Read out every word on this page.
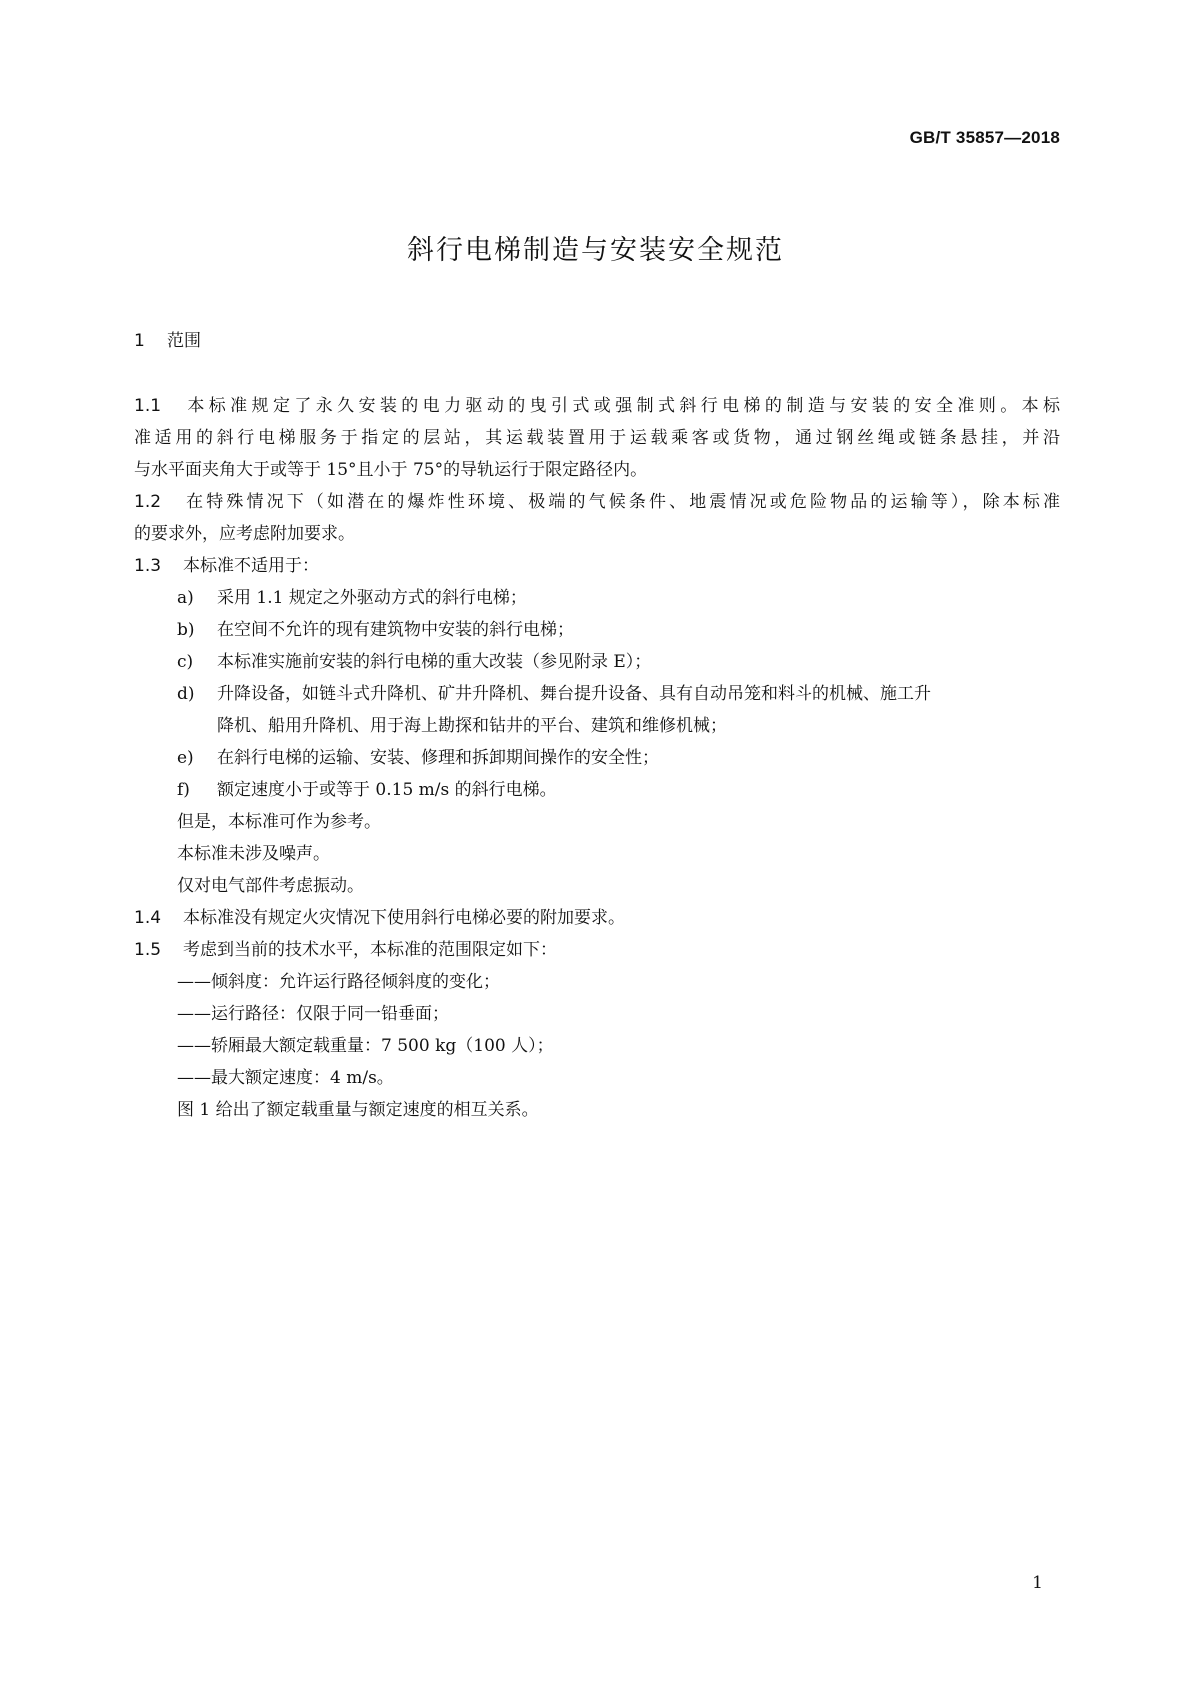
GB/T 35857—2018
斜行电梯制造与安装安全规范
1 范围
1.1 本标准规定了永久安装的电力驱动的曳引式或强制式斜行电梯的制造与安装的安全准则。本标
准适用的斜行电梯服务于指定的层站，其运载装置用于运载乘客或货物，通过钢丝绳或链条悬挂，并沿
与水平面夹角大于或等于 15°且小于 75°的导轨运行于限定路径内。
1.2 在特殊情况下（如潜在的爆炸性环境、极端的气候条件、地震情况或危险物品的运输等），除本标准
的要求外，应考虑附加要求。
1.3 本标准不适用于：
a) 采用 1.1 规定之外驱动方式的斜行电梯；
b) 在空间不允许的现有建筑物中安装的斜行电梯；
c) 本标准实施前安装的斜行电梯的重大改装（参见附录 E）；
d) 升降设备，如链斗式升降机、矿井升降机、舞台提升设备、具有自动吊笼和料斗的机械、施工升
降机、船用升降机、用于海上勘探和钻井的平台、建筑和维修机械；
e) 在斜行电梯的运输、安装、修理和拆卸期间操作的安全性；
f) 额定速度小于或等于 0.15 m/s 的斜行电梯。
但是，本标准可作为参考。
本标准未涉及噪声。
仅对电气部件考虑振动。
1.4 本标准没有规定火灾情况下使用斜行电梯必要的附加要求。
1.5 考虑到当前的技术水平，本标准的范围限定如下：
——倾斜度：允许运行路径倾斜度的变化；
——运行路径：仅限于同一铅垂面；
——轿厢最大额定载重量：7 500 kg（100 人）；
——最大额定速度：4 m/s。
图 1 给出了额定载重量与额定速度的相互关系。
1
